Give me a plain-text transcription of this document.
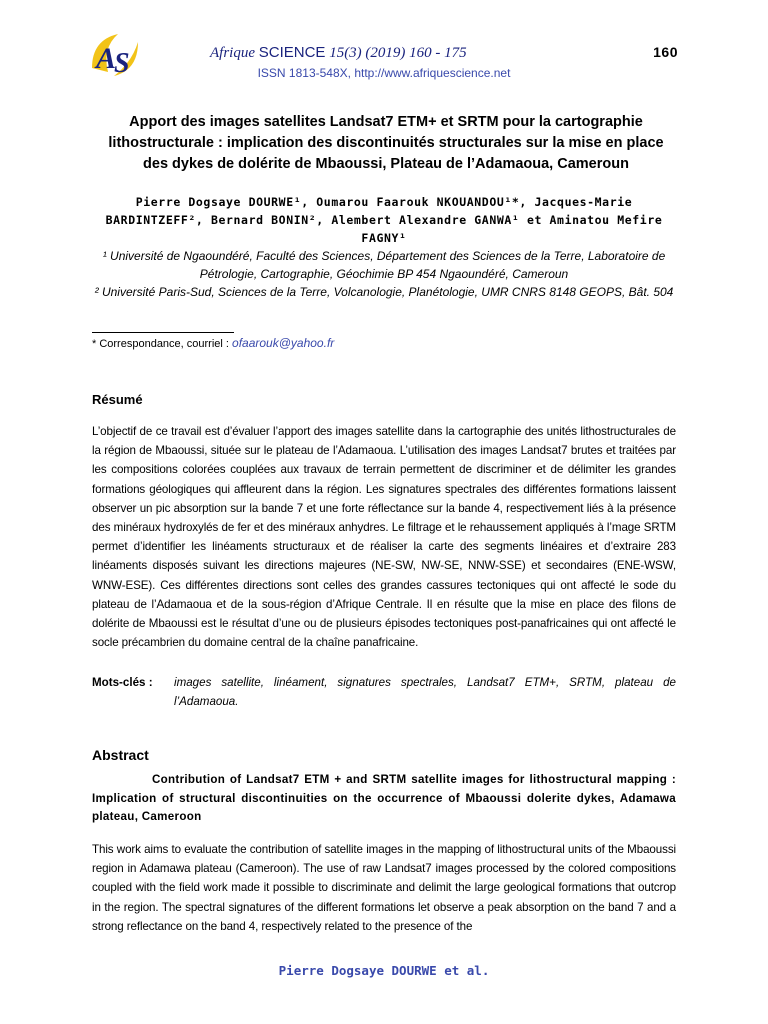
A
S	Afrique SCIENCE 15(3) (2019) 160 - 175	160
ISSN 1813-548X, http://www.afriquescience.net
Apport des images satellites Landsat7 ETM+ et SRTM pour la cartographie lithostructurale : implication des discontinuités structurales sur la mise en place des dykes de dolérite de Mbaoussi, Plateau de l’Adamaoua, Cameroun
Pierre Dogsaye DOURWE¹, Oumarou Faarouk NKOUANDOU¹*, Jacques-Marie BARDINTZEFF², Bernard BONIN², Alembert Alexandre GANWA¹ et Aminatou Mefire FAGNY¹
¹ Université de Ngaoundéré, Faculté des Sciences, Département des Sciences de la Terre, Laboratoire de Pétrologie, Cartographie, Géochimie BP 454 Ngaoundéré, Cameroun
² Université Paris-Sud, Sciences de la Terre, Volcanologie, Planétologie, UMR CNRS 8148 GEOPS, Bât. 504
* Correspondance, courriel : ofaarouk@yahoo.fr
Résumé
L’objectif de ce travail est d’évaluer l’apport des images satellite dans la cartographie des unités lithostructurales de la région de Mbaoussi, située sur le plateau de l’Adamaoua. L’utilisation des images Landsat7 brutes et traitées par les compositions colorées couplées aux travaux de terrain permettent de discriminer et de délimiter les grandes formations géologiques qui affleurent dans la région. Les signatures spectrales des différentes formations laissent observer un pic absorption sur la bande 7 et une forte réflectance sur la bande 4, respectivement liés à la présence des minéraux hydroxylés de fer et des minéraux anhydres. Le filtrage et le rehaussement appliqués à l’mage SRTM permet d’identifier les linéaments structuraux et de réaliser la carte des segments linéaires et d’extraire 283 linéaments disposés suivant les directions majeures (NE-SW, NW-SE, NNW-SSE) et secondaires (ENE-WSW, WNW-ESE). Ces différentes directions sont celles des grandes cassures tectoniques qui ont affecté le sode du plateau de l’Adamaoua et de la sous-région d’Afrique Centrale. Il en résulte que la mise en place des filons de dolérite de Mbaoussi est le résultat d’une ou de plusieurs épisodes tectoniques post-panafricaines qui ont affecté le socle précambrien du domaine central de la chaîne panafricaine.
Mots-clés : images satellite, linéament, signatures spectrales, Landsat7 ETM+, SRTM, plateau de l’Adamaoua.
Abstract
Contribution of Landsat7 ETM + and SRTM satellite images for lithostructural mapping : Implication of structural discontinuities on the occurrence of Mbaoussi dolerite dykes, Adamawa plateau, Cameroon
This work aims to evaluate the contribution of satellite images in the mapping of lithostructural units of the Mbaoussi region in Adamawa plateau (Cameroon). The use of raw Landsat7 images processed by the colored compositions coupled with the field work made it possible to discriminate and delimit the large geological formations that outcrop in the region. The spectral signatures of the different formations let observe a peak absorption on the band 7 and a strong reflectance on the band 4, respectively related to the presence of the
Pierre Dogsaye DOURWE et al.
